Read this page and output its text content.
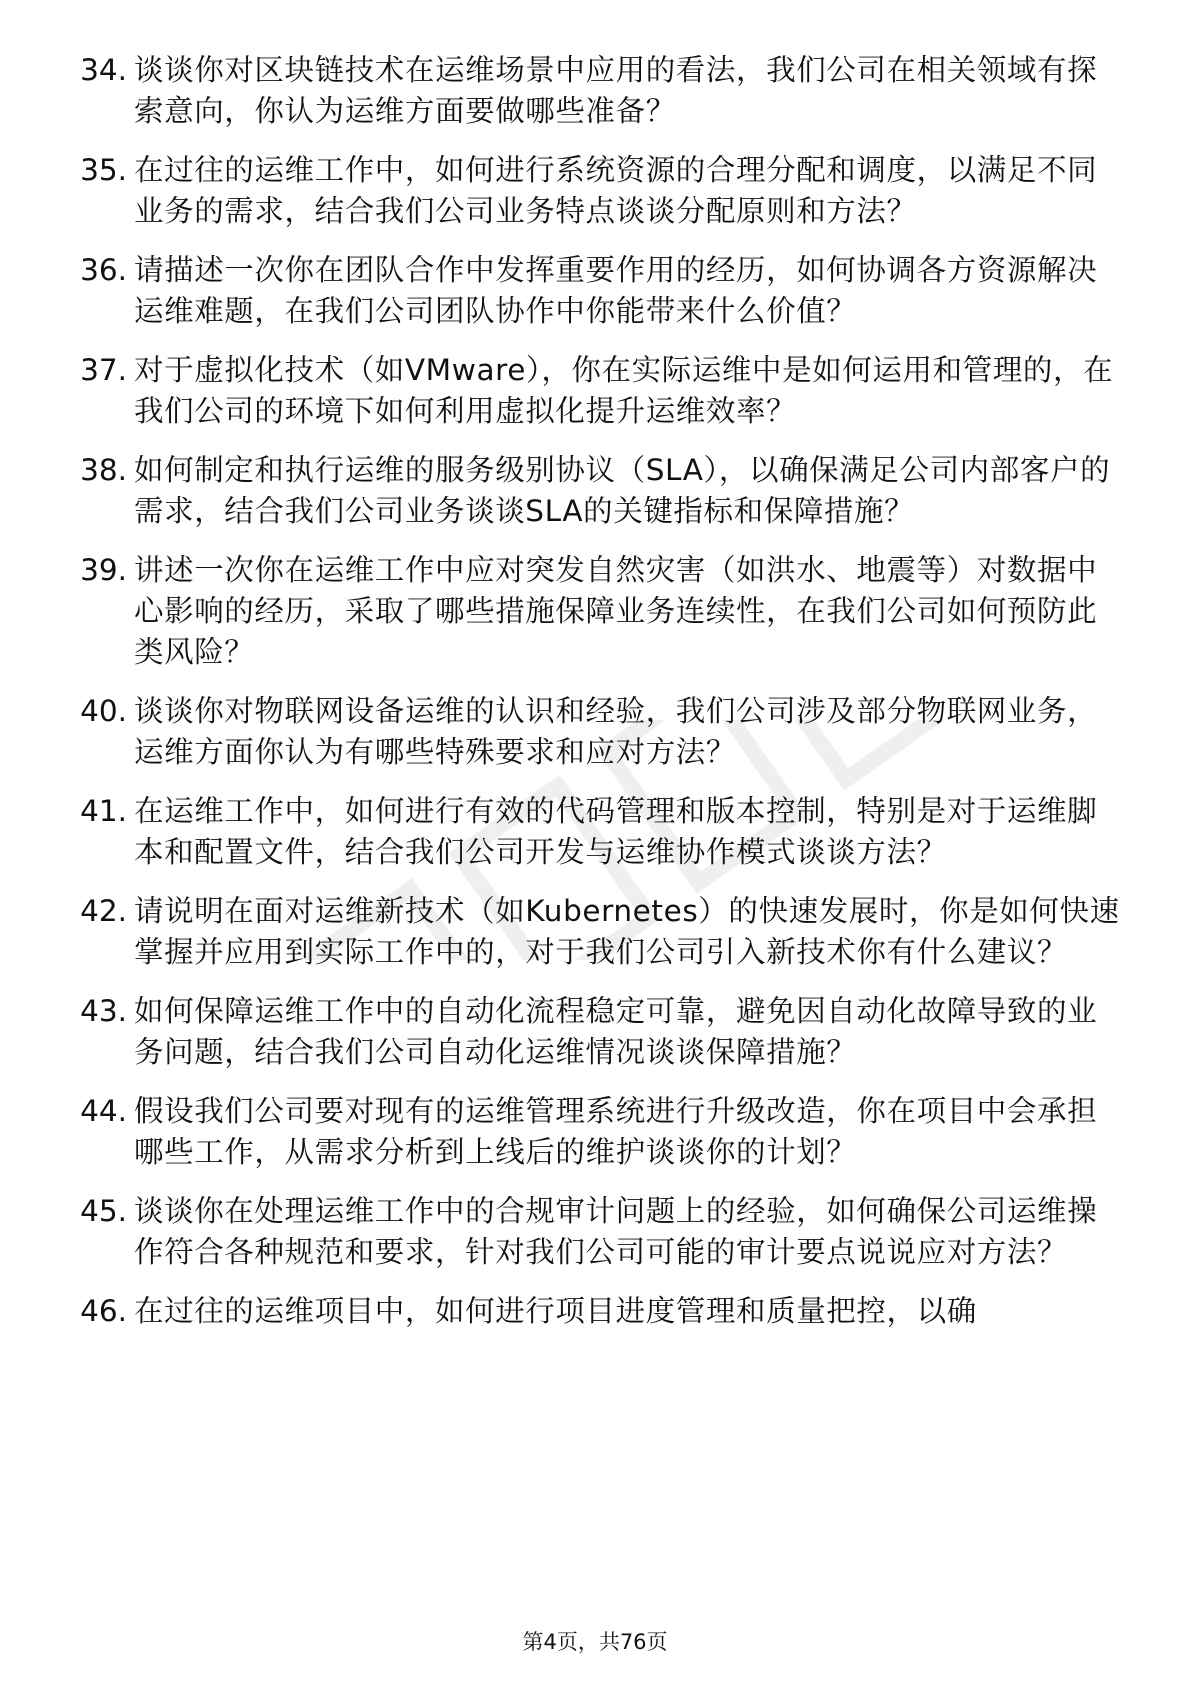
34. 谈谈你对区块链技术在运维场景中应用的看法，我们公司在相关领域有探索意向，你认为运维方面要做哪些准备？
35. 在过往的运维工作中，如何进行系统资源的合理分配和调度，以满足不同业务的需求，结合我们公司业务特点谈谈分配原则和方法？
36. 请描述一次你在团队合作中发挥重要作用的经历，如何协调各方资源解决运维难题，在我们公司团队协作中你能带来什么价值？
37. 对于虚拟化技术（如VMware），你在实际运维中是如何运用和管理的，在我们公司的环境下如何利用虚拟化提升运维效率？
38. 如何制定和执行运维的服务级别协议（SLA），以确保满足公司内部客户的需求，结合我们公司业务谈谈SLA的关键指标和保障措施？
39. 讲述一次你在运维工作中应对突发自然灾害（如洪水、地震等）对数据中心影响的经历，采取了哪些措施保障业务连续性，在我们公司如何预防此类风险？
40. 谈谈你对物联网设备运维的认识和经验，我们公司涉及部分物联网业务，运维方面你认为有哪些特殊要求和应对方法？
41. 在运维工作中，如何进行有效的代码管理和版本控制，特别是对于运维脚本和配置文件，结合我们公司开发与运维协作模式谈谈方法？
42. 请说明在面对运维新技术（如Kubernetes）的快速发展时，你是如何快速掌握并应用到实际工作中的，对于我们公司引入新技术你有什么建议？
43. 如何保障运维工作中的自动化流程稳定可靠，避免因自动化故障导致的业务问题，结合我们公司自动化运维情况谈谈保障措施？
44. 假设我们公司要对现有的运维管理系统进行升级改造，你在项目中会承担哪些工作，从需求分析到上线后的维护谈谈你的计划？
45. 谈谈你在处理运维工作中的合规审计问题上的经验，如何确保公司运维操作符合各种规范和要求，针对我们公司可能的审计要点说说应对方法？
46. 在过往的运维项目中，如何进行项目进度管理和质量把控，以确
第4页，共76页
